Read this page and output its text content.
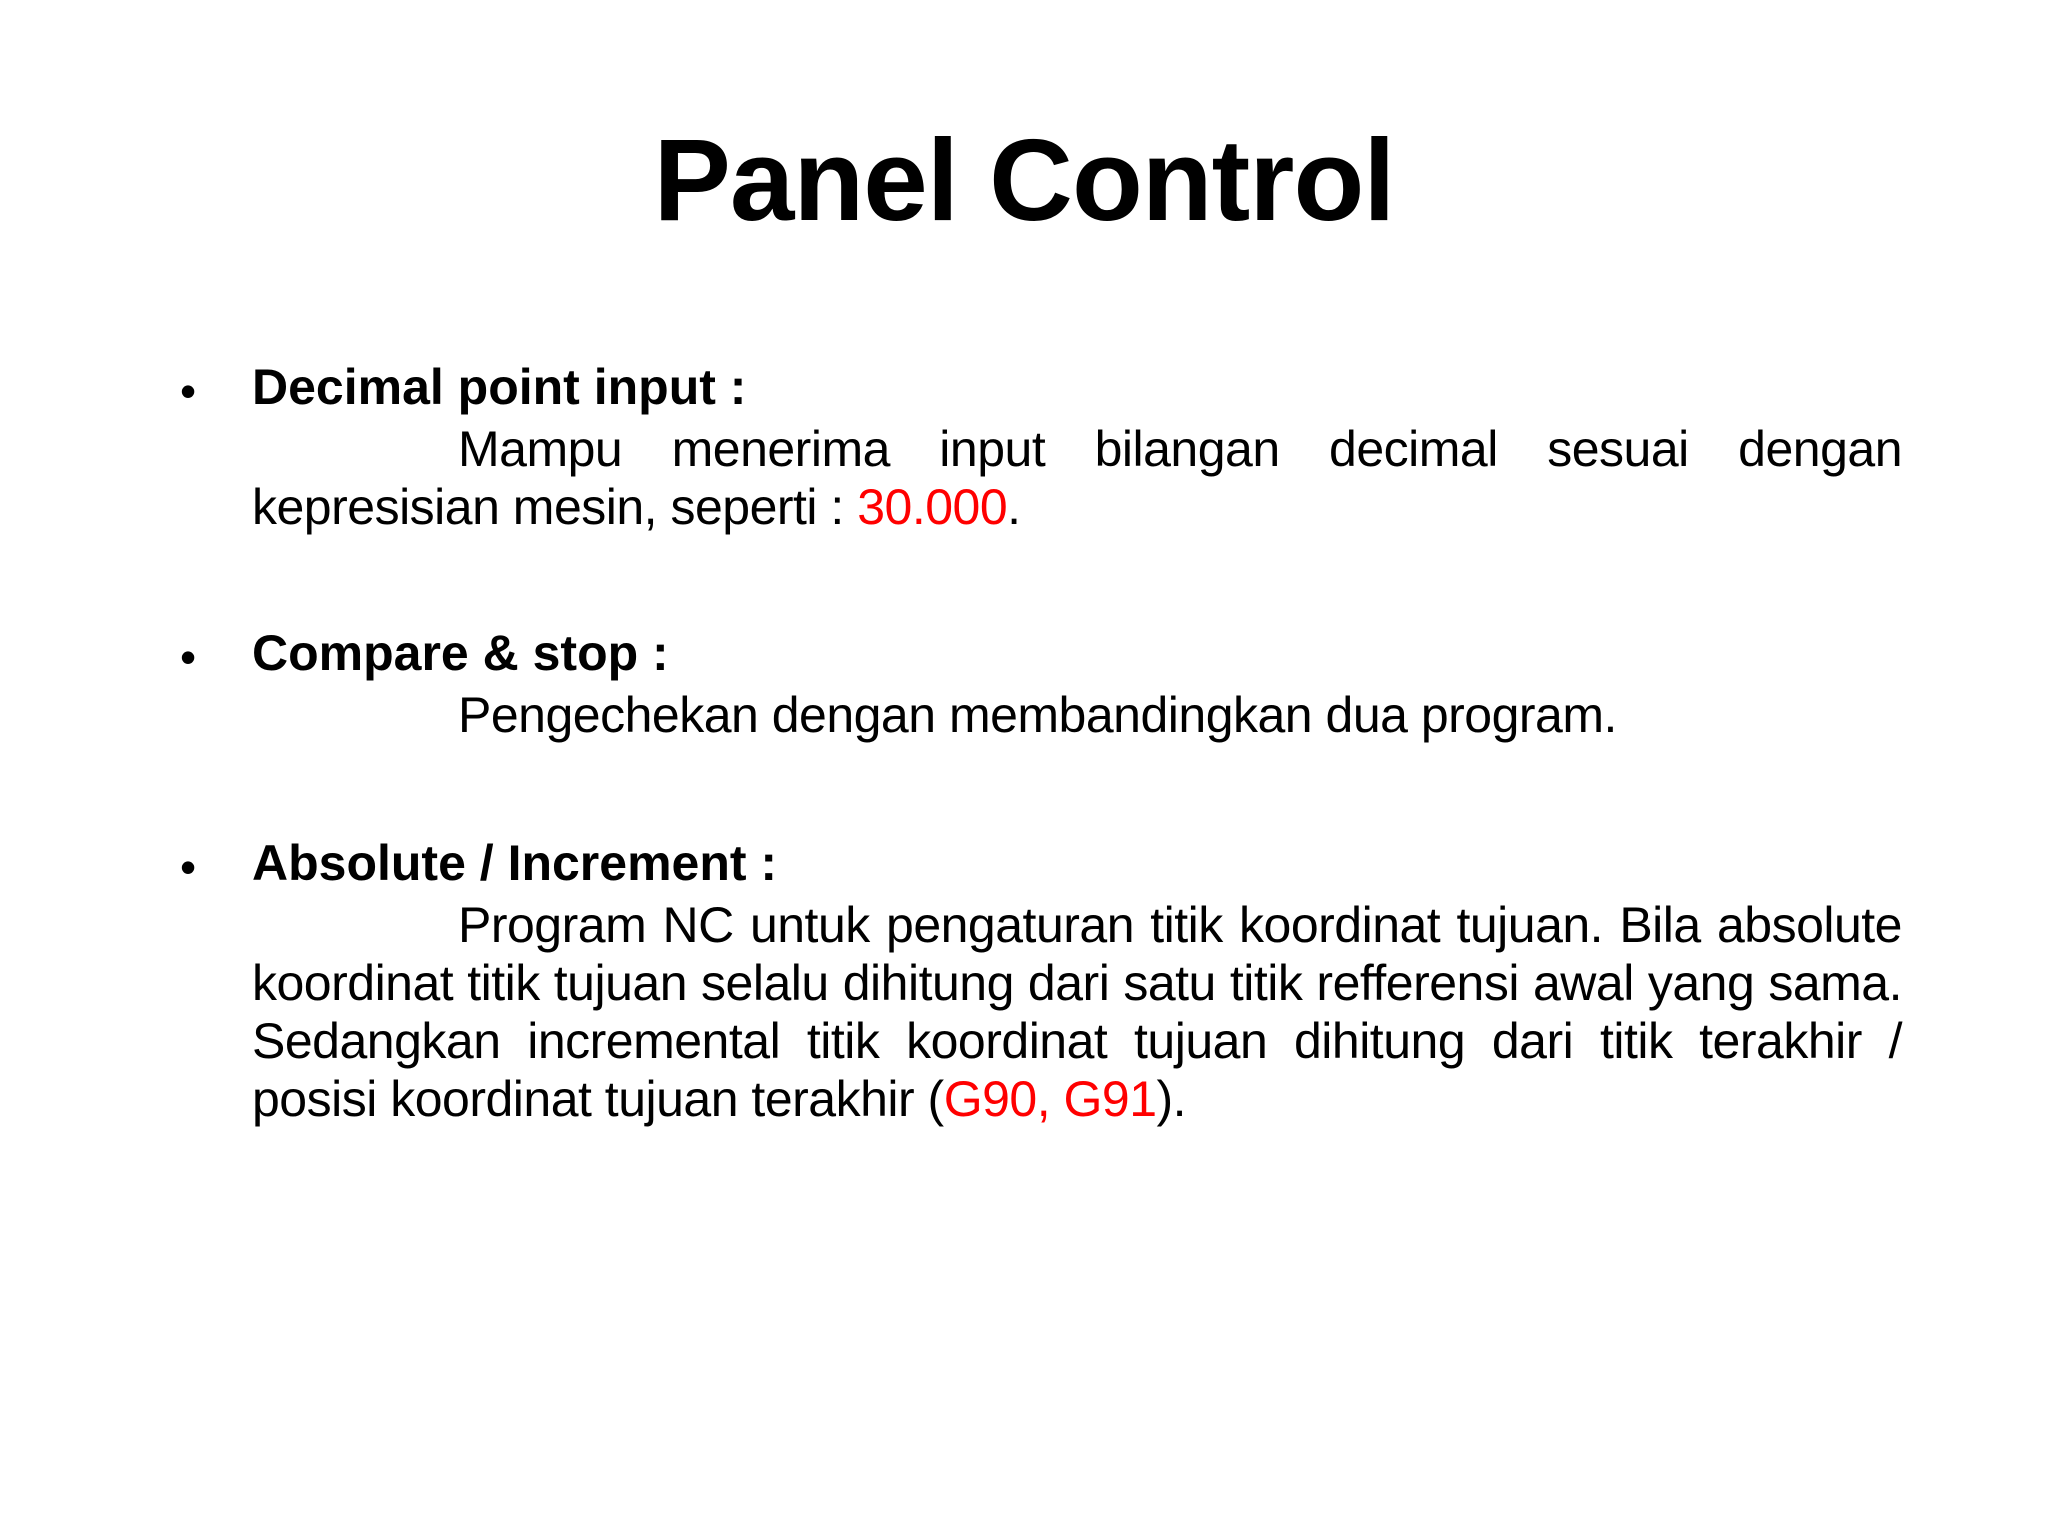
Panel Control
• Decimal point input :

Mampu menerima input bilangan decimal sesuai dengan kepresisian mesin, seperti : 30.000.

• Compare & stop :

Pengechekan dengan membandingkan dua program.

• Absolute / Increment :

Program NC untuk pengaturan titik koordinat tujuan. Bila absolute koordinat titik tujuan selalu dihitung dari satu titik refferensi awal yang sama. Sedangkan incremental titik koordinat tujuan dihitung dari titik terakhir / posisi koordinat tujuan terakhir (G90, G91).
